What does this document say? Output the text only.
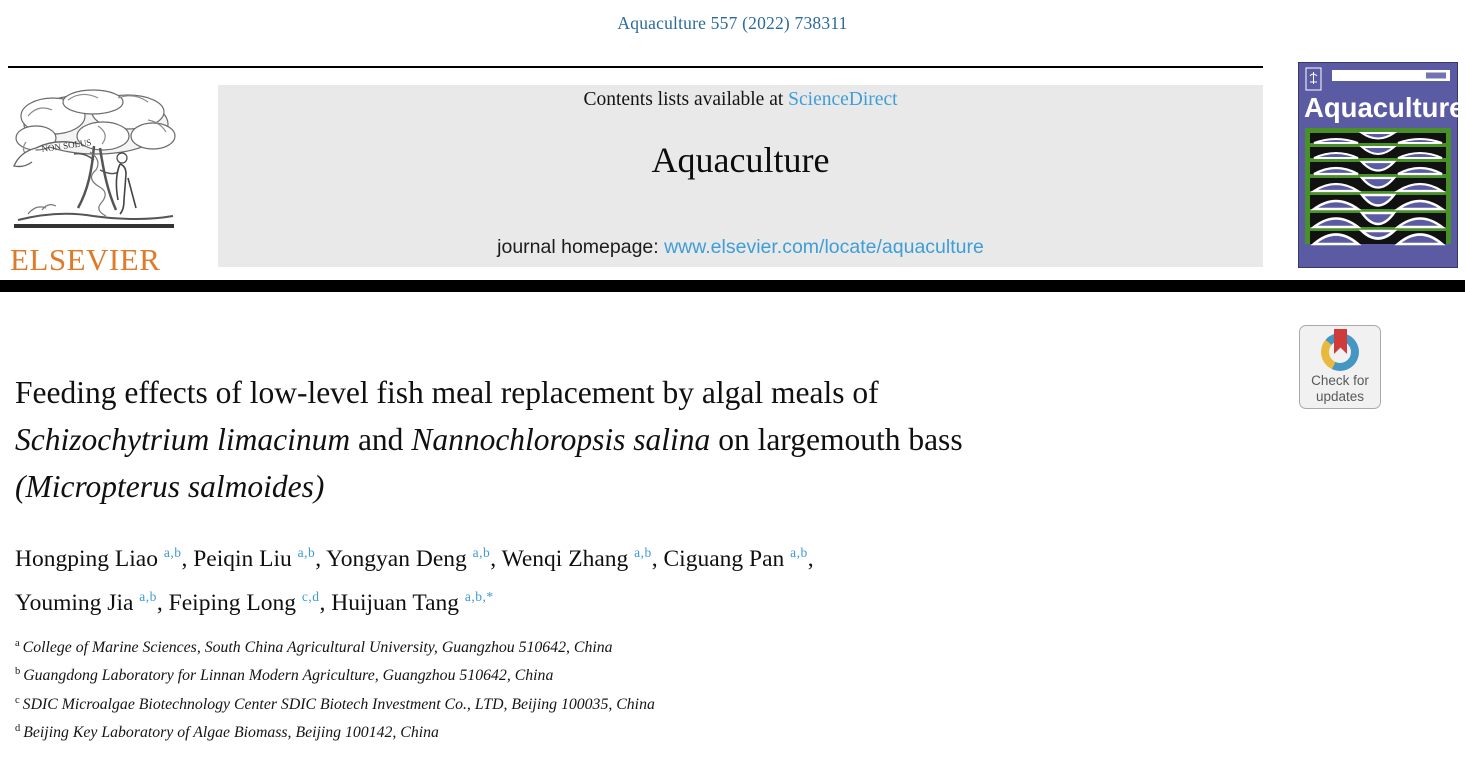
Aquaculture 557 (2022) 738311
NON SOLUS
ELSEVIER
Contents lists available at ScienceDirect
Aquaculture
journal homepage: www.elsevier.com/locate/aquaculture
Aquaculture
Check for
updates
Feeding effects of low-level fish meal replacement by algal meals of
Schizochytrium limacinum and Nannochloropsis salina on largemouth bass
(Micropterus salmoides)
Hongping Liao $^{a,b}$, Peiqin Liu $^{a,b}$, Yongyan Deng $^{a,b}$, Wenqi Zhang $^{a,b}$, Ciguang Pan $^{a,b}$,
Youming Jia $^{a,b}$, Feiping Long $^{c,d}$, Huijuan Tang $^{a,b,*}$
$^a$ College of Marine Sciences, South China Agricultural University, Guangzhou 510642, China
$^b$ Guangdong Laboratory for Linnan Modern Agriculture, Guangzhou 510642, China
$^c$ SDIC Microalgae Biotechnology Center SDIC Biotech Investment Co., LTD, Beijing 100035, China
$^d$ Beijing Key Laboratory of Algae Biomass, Beijing 100142, China
